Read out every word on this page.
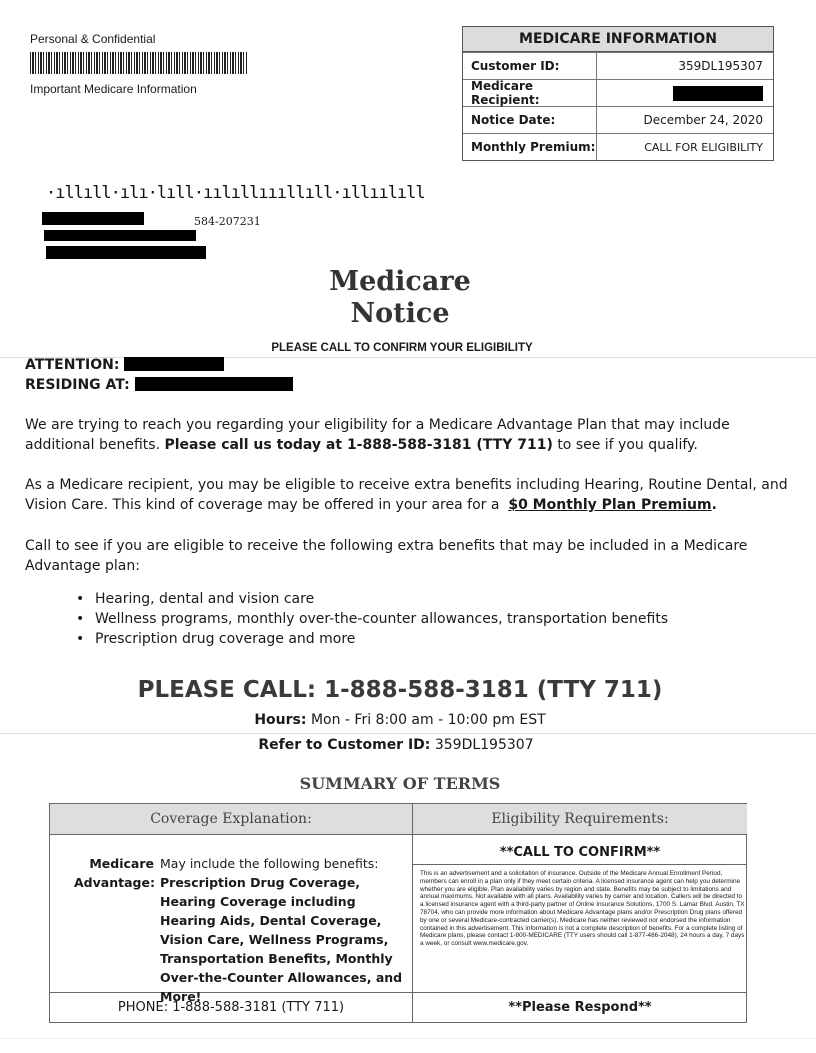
Personal & Confidential
Important Medicare Information
MEDICARE INFORMATION
Customer ID:	359DL195307
Medicare Recipient:
Notice Date:	December 24, 2020
Monthly Premium:	CALL FOR ELIGIBILITY
·ıllıll·ılı·lıll·ıılıllıııllıll·ıllıılıll
584-207231
Medicare
Notice
PLEASE CALL TO CONFIRM YOUR ELIGIBILITY
ATTENTION:
RESIDING AT:
We are trying to reach you regarding your eligibility for a Medicare Advantage Plan that may include additional benefits. Please call us today at 1-888-588-3181 (TTY 711) to see if you qualify.
As a Medicare recipient, you may be eligible to receive extra benefits including Hearing, Routine Dental, and Vision Care. This kind of coverage may be offered in your area for a $0 Monthly Plan Premium.
Call to see if you are eligible to receive the following extra benefits that may be included in a Medicare Advantage plan:
• Hearing, dental and vision care
• Wellness programs, monthly over-the-counter allowances, transportation benefits
• Prescription drug coverage and more
PLEASE CALL: 1-888-588-3181 (TTY 711)
Hours: Mon - Fri 8:00 am - 10:00 pm EST
Refer to Customer ID: 359DL195307
SUMMARY OF TERMS
Coverage Explanation:	Eligibility Requirements:
Medicare Advantage:
May include the following benefits:
Prescription Drug Coverage, Hearing Coverage including Hearing Aids, Dental Coverage, Vision Care, Wellness Programs, Transportation Benefits, Monthly Over-the-Counter Allowances, and More!
**CALL TO CONFIRM**
This is an advertisement and a solicitation of insurance. Outside of the Medicare Annual Enrollment Period, members can enroll in a plan only if they meet certain criteria. A licensed insurance agent can help you determine whether you are eligible. Plan availability varies by region and state. Benefits may be subject to limitations and annual maximums. Not available with all plans. Availability varies by carrier and location. Callers will be directed to a licensed insurance agent with a third-party partner of Online Insurance Solutions, 1700 S. Lamar Blvd. Austin, TX 78704, who can provide more information about Medicare Advantage plans and/or Prescription Drug plans offered by one or several Medicare-contracted carrier(s). Medicare has neither reviewed nor endorsed the information contained in this advertisement. This information is not a complete description of benefits. For a complete listing of Medicare plans, please contact 1-800-MEDICARE (TTY users should call 1-877-486-2048), 24 hours a day, 7 days a week, or consult www.medicare.gov.
PHONE: 1-888-588-3181 (TTY 711)	**Please Respond**
